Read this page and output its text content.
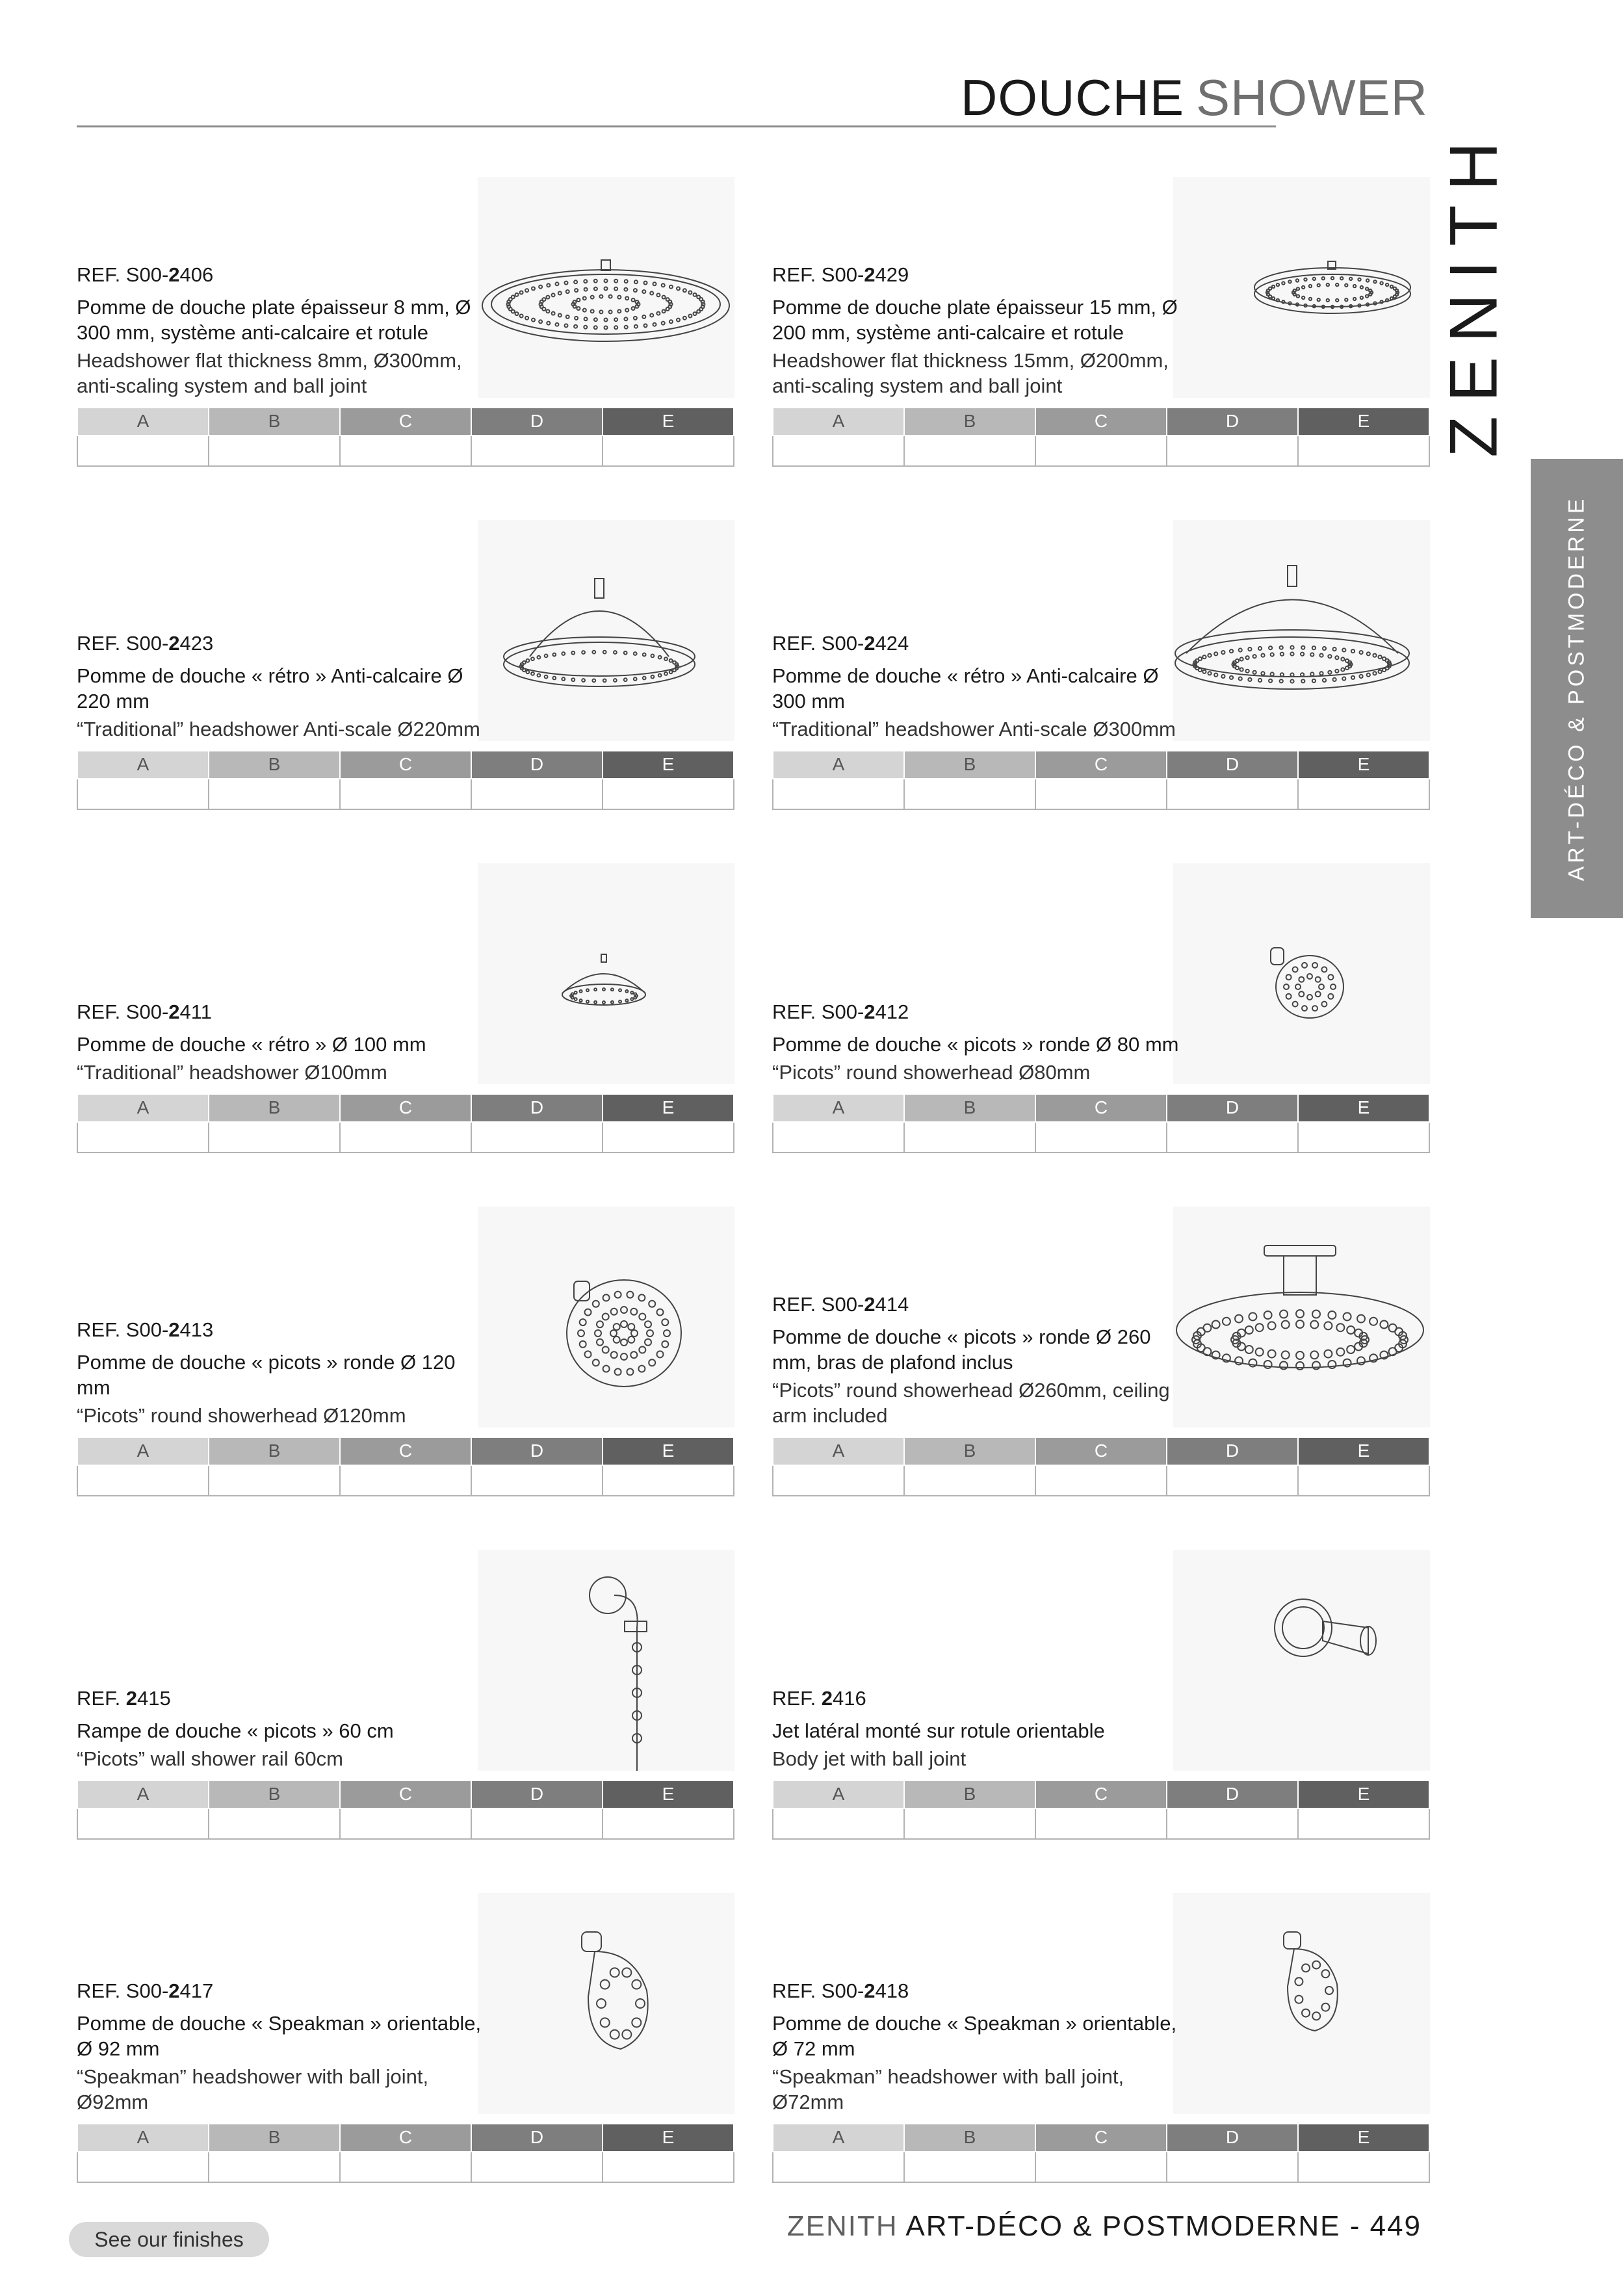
DOUCHE SHOWER
ZENITH
ART-DÉCO & POSTMODERNE
REF. S00-2406
Pomme de douche plate épaisseur 8 mm, Ø 300 mm, système anti-calcaire et rotule
Headshower flat thickness 8mm, Ø300mm, anti-scaling system and ball joint
A	B	C	D	E

REF. S00-2429
Pomme de douche plate épaisseur 15 mm, Ø 200 mm, système anti-calcaire et rotule
Headshower flat thickness 15mm, Ø200mm, anti-scaling system and ball joint
A	B	C	D	E

REF. S00-2423
Pomme de douche « rétro » Anti-calcaire Ø 220 mm
“Traditional” headshower Anti-scale Ø220mm
A	B	C	D	E

REF. S00-2424
Pomme de douche « rétro » Anti-calcaire Ø 300 mm
“Traditional” headshower Anti-scale Ø300mm
A	B	C	D	E

REF. S00-2411
Pomme de douche « rétro » Ø 100 mm
“Traditional” headshower Ø100mm
A	B	C	D	E

REF. S00-2412
Pomme de douche « picots » ronde Ø 80 mm
“Picots” round showerhead Ø80mm
A	B	C	D	E

REF. S00-2413
Pomme de douche « picots » ronde Ø 120 mm
“Picots” round showerhead Ø120mm
A	B	C	D	E

REF. S00-2414
Pomme de douche « picots » ronde Ø 260 mm, bras de plafond inclus
“Picots” round showerhead Ø260mm, ceiling arm included
A	B	C	D	E

REF. 2415
Rampe de douche « picots » 60 cm
“Picots” wall shower rail 60cm
A	B	C	D	E

REF. 2416
Jet latéral monté sur rotule orientable
Body jet with ball joint
A	B	C	D	E

REF. S00-2417
Pomme de douche « Speakman » orientable, Ø 92 mm
“Speakman” headshower with ball joint, Ø92mm
A	B	C	D	E

REF. S00-2418
Pomme de douche « Speakman » orientable, Ø 72 mm
“Speakman” headshower with ball joint, Ø72mm
A	B	C	D	E

See our finishes	ZENITH ART-DÉCO & POSTMODERNE - 449
